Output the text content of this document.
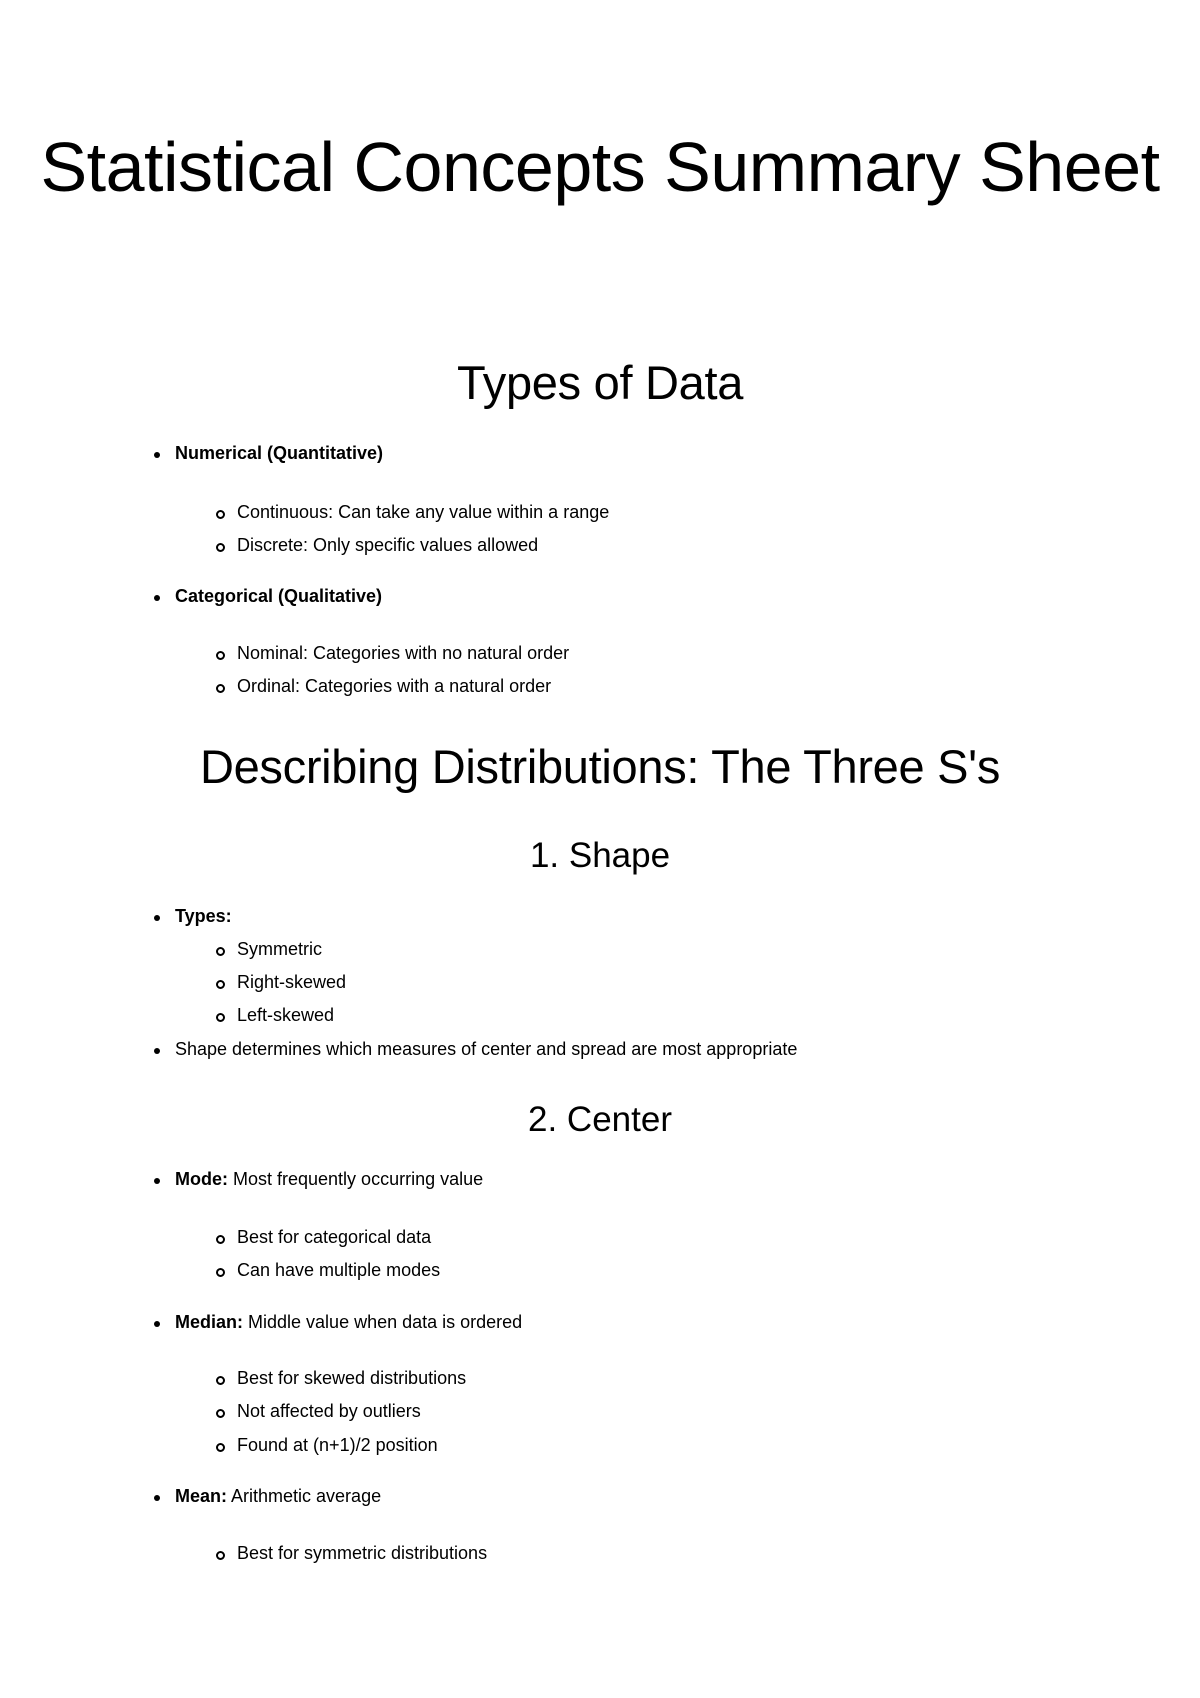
Statistical Concepts Summary Sheet
Types of Data
Numerical (Quantitative)
Continuous: Can take any value within a range
Discrete: Only specific values allowed
Categorical (Qualitative)
Nominal: Categories with no natural order
Ordinal: Categories with a natural order
Describing Distributions: The Three S's
1. Shape
Types:
Symmetric
Right-skewed
Left-skewed
Shape determines which measures of center and spread are most appropriate
2. Center
Mode: Most frequently occurring value
Best for categorical data
Can have multiple modes
Median: Middle value when data is ordered
Best for skewed distributions
Not affected by outliers
Found at (n+1)/2 position
Mean: Arithmetic average
Best for symmetric distributions
